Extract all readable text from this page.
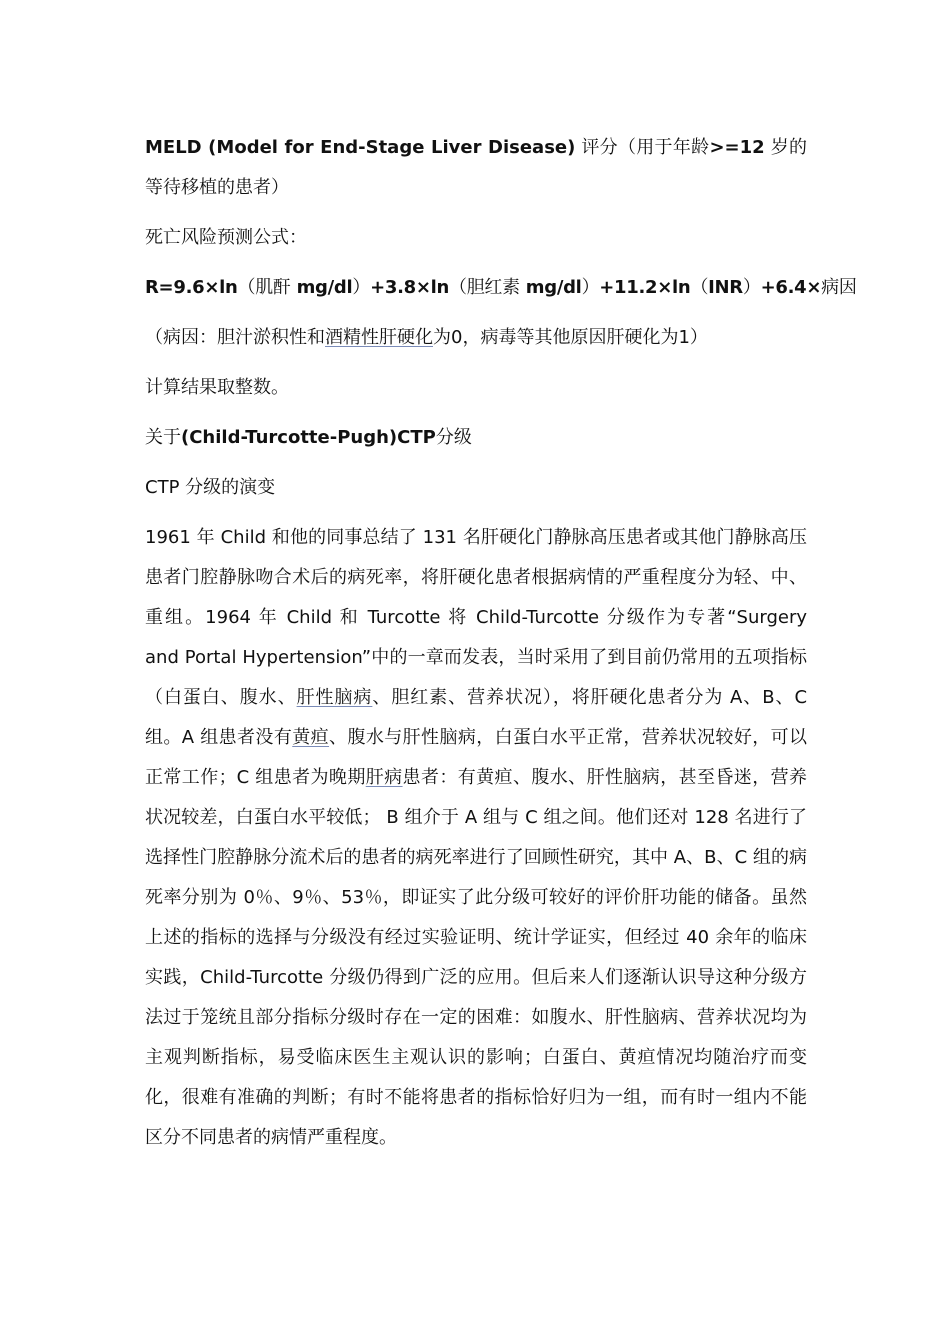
MELD (Model for End-Stage Liver Disease) 评分（用于年龄>=12 岁的等待移植的患者）

死亡风险预测公式：

R=9.6×ln（肌酐 mg/dl）+3.8×ln（胆红素 mg/dl）+11.2×ln（INR）+6.4×病因

（病因：胆汁淤积性和酒精性肝硬化为0，病毒等其他原因肝硬化为1）

计算结果取整数。

关于(Child-Turcotte-Pugh)CTP分级

CTP 分级的演变

1961 年 Child 和他的同事总结了 131 名肝硬化门静脉高压患者或其他门静脉高压患者门腔静脉吻合术后的病死率，将肝硬化患者根据病情的严重程度分为轻、中、重组。1964 年 Child 和 Turcotte 将 Child-Turcotte 分级作为专著“Surgery and Portal Hypertension”中的一章而发表，当时采用了到目前仍常用的五项指标（白蛋白、腹水、肝性脑病、胆红素、营养状况），将肝硬化患者分为 A、B、C 组。A 组患者没有黄疸、腹水与肝性脑病，白蛋白水平正常，营养状况较好，可以正常工作；C 组患者为晚期肝病患者：有黄疸、腹水、肝性脑病，甚至昏迷，营养状况较差，白蛋白水平较低； B 组介于 A 组与 C 组之间。他们还对 128 名进行了选择性门腔静脉分流术后的患者的病死率进行了回顾性研究，其中 A、B、C 组的病死率分别为 0％、9％、53％，即证实了此分级可较好的评价肝功能的储备。虽然上述的指标的选择与分级没有经过实验证明、统计学证实，但经过 40 余年的临床实践，Child-Turcotte 分级仍得到广泛的应用。但后来人们逐渐认识导这种分级方法过于笼统且部分指标分级时存在一定的困难：如腹水、肝性脑病、营养状况均为主观判断指标，易受临床医生主观认识的影响；白蛋白、黄疸情况均随治疗而变化，很难有准确的判断；有时不能将患者的指标恰好归为一组，而有时一组内不能区分不同患者的病情严重程度。
